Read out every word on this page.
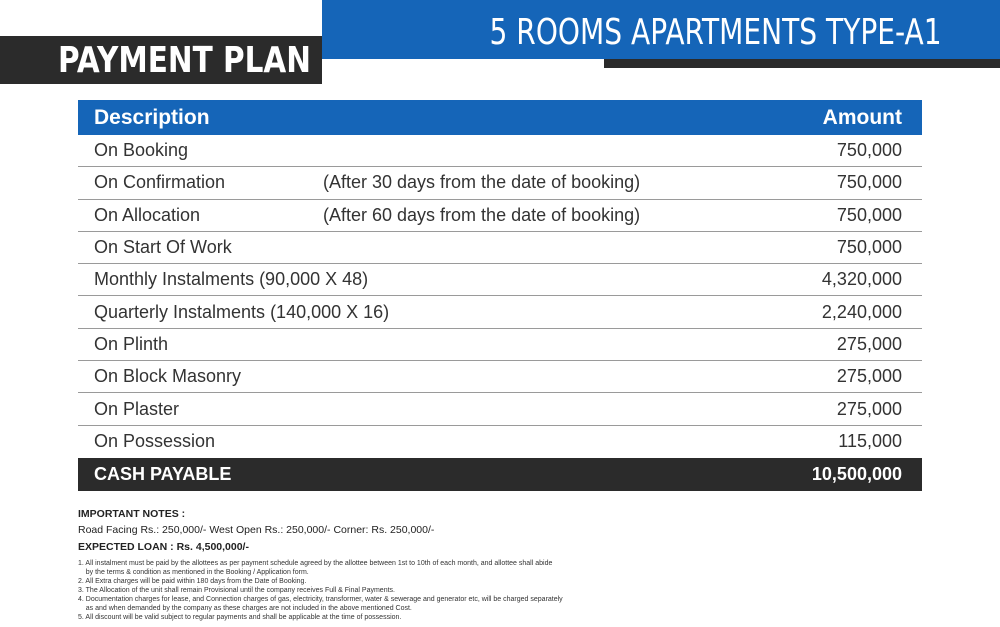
5 ROOMS APARTMENTS TYPE-A1
PAYMENT PLAN
Description	Amount
On Booking	750,000
On Confirmation	(After 30 days from the date of booking)	750,000
On Allocation	(After 60 days from the date of booking)	750,000
On Start Of Work	750,000
Monthly Instalments (90,000 X 48)	4,320,000
Quarterly Instalments (140,000 X 16)	2,240,000
On Plinth	275,000
On Block Masonry	275,000
On Plaster	275,000
On Possession	115,000
CASH PAYABLE	10,500,000
IMPORTANT NOTES :
Road Facing Rs.: 250,000/- West Open Rs.: 250,000/- Corner: Rs. 250,000/-
EXPECTED LOAN : Rs. 4,500,000/-
1. All instalment must be paid by the allottees as per payment schedule agreed by the allottee between 1st to 10th of each month, and allottee shall abide
by the terms & condition as mentioned in the Booking / Application form.
2. All Extra charges will be paid within 180 days from the Date of Booking.
3. The Allocation of the unit shall remain Provisional until the company receives Full & Final Payments.
4. Documentation charges for lease, and Connection charges of gas, electricity, transformer, water & sewerage and generator etc, will be charged separately
as and when demanded by the company as these charges are not included in the above mentioned Cost.
5. All discount will be valid subject to regular payments and shall be applicable at the time of possession.
